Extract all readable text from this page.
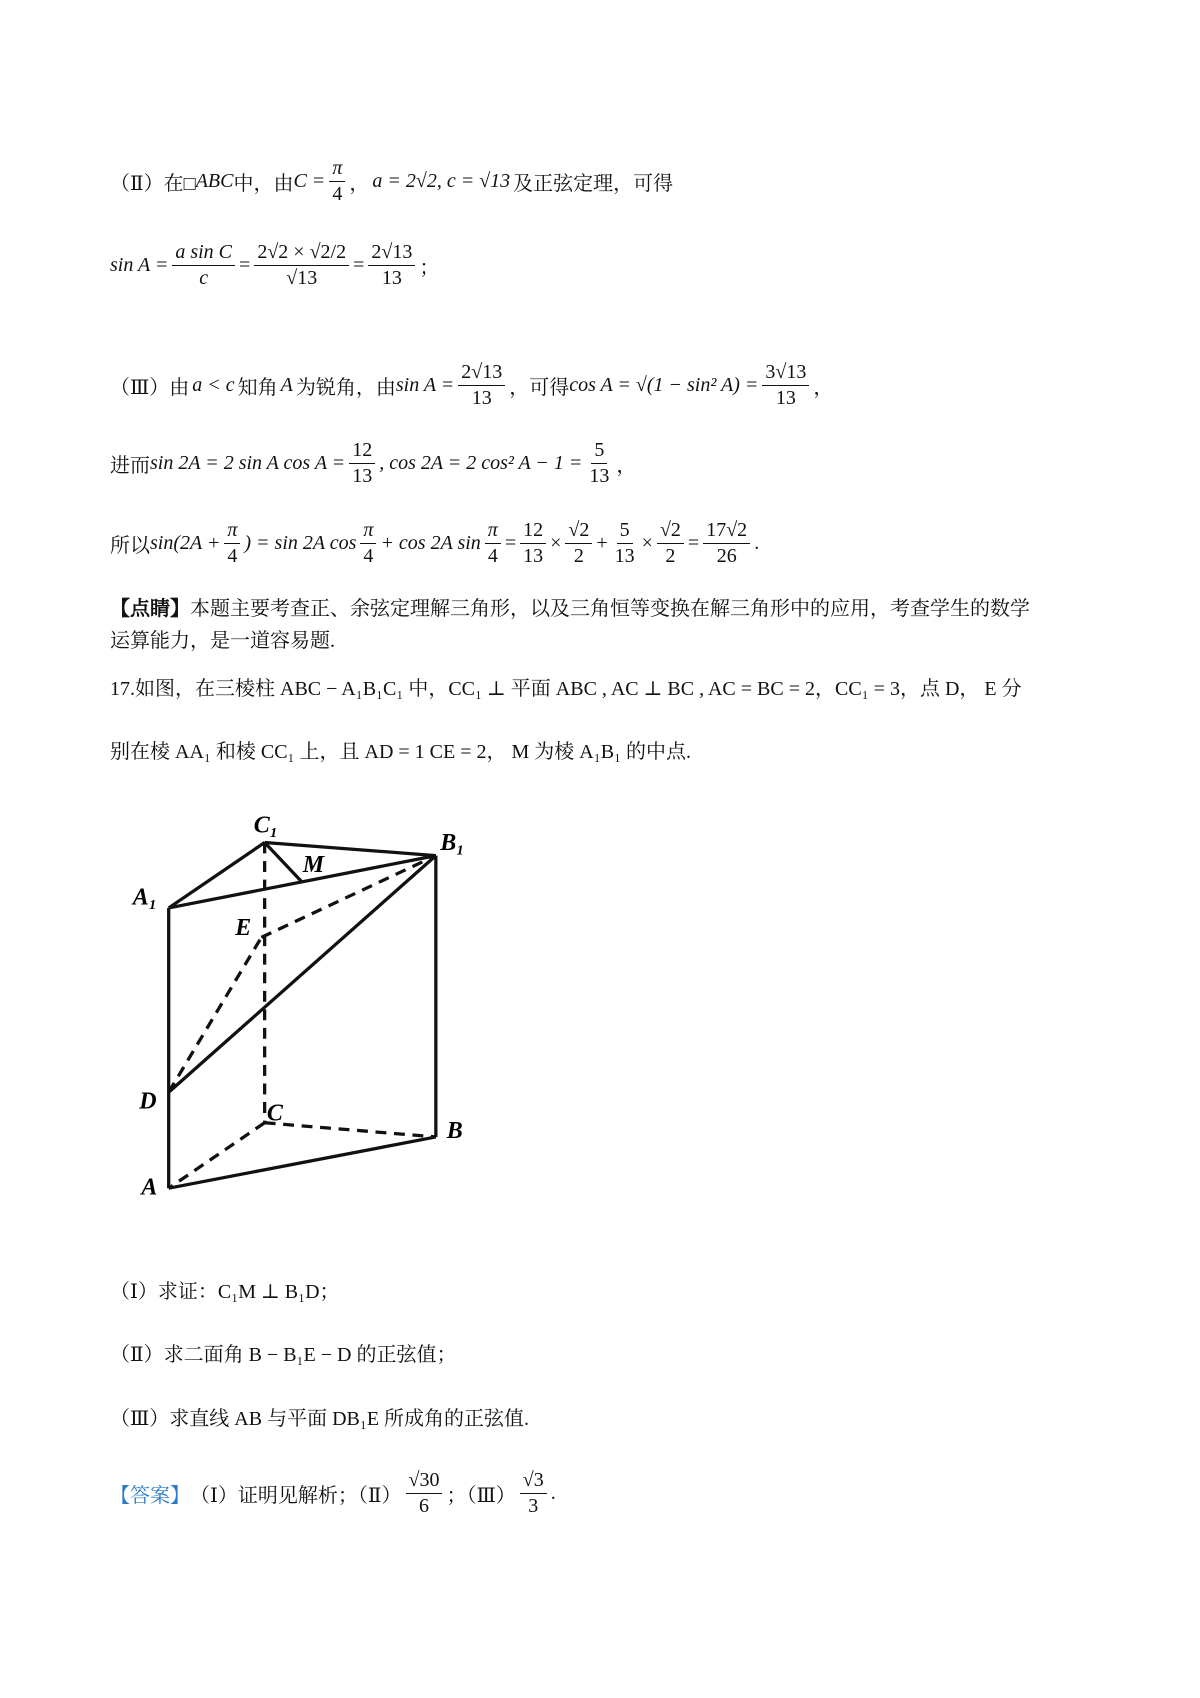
（Ⅱ）在□ ABC 中，由 $C = \frac{\pi}{4}$ ， a = 2√2, c = √13 及正弦定理，可得
$\sin A = \frac{\text{a sin C}}{c} = \frac{2√2 \times √2/2}{√13} = \frac{2√13}{13}$ ；
（Ⅲ）由 a < c 知角 A 为锐角，由 $\sin A = \frac{2√13}{13}$ ，可得 cos A = √(1 − sin² $A) = \frac{3√13}{13}$ ，
进而 sin 2A = 2 sin A $\cos A = \frac{12}{13}$ , cos 2A = 2 cos² $A - 1 = \frac{5}{13}$ ，
所以 $\sin(2A + \frac{\pi}{4}$ ) = sin 2A $\cos \frac{\pi}{4} + \cos 2A$ $\sin \frac{\pi}{4} = \frac{12}{13} \times \frac{√2}{2} + \frac{5}{13} \times \frac{√2}{2} = \frac{17√2}{26}$ .
【点睛】 本题主要考查正、余弦定理解三角形，以及三角恒等变换在解三角形中的应用，考查学生的数学
运算能力，是一道容易题.
17.如图，在三棱柱 ABC − A₁B₁C₁ 中，CC₁ ⊥ 平面 ABC , AC ⊥ BC , AC = BC = 2，CC₁ = 3，点 D， E 分
别在棱 AA₁ 和棱 CC₁ 上，且 AD = 1 CE = 2， M 为棱 A₁B₁ 的中点.
C₁
B₁
A₁
M
E
D	C
B
A
（Ⅰ）求证：C₁M ⊥ B₁D；
（Ⅱ）求二面角 B − B₁E − D 的正弦值；
（Ⅲ）求直线 AB 与平面 DB₁E 所成角的正弦值.
【答案】 （Ⅰ）证明见解析；（Ⅱ） $\frac{√30}{6}$ ；（Ⅲ） $\frac{√3}{3}$ .
